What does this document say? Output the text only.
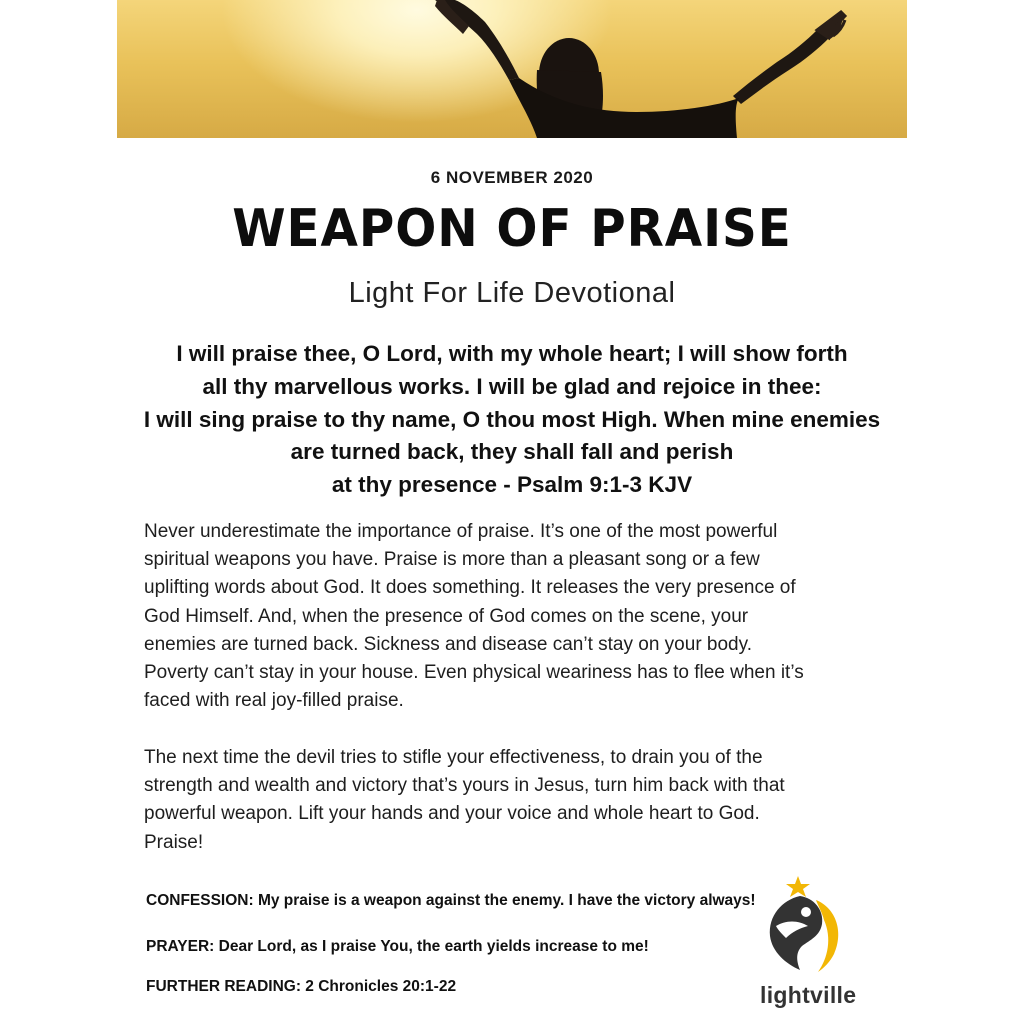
6 NOVEMBER 2020
WEAPON OF PRAISE
Light For Life Devotional
I will praise thee, O Lord, with my whole heart; I will show forth
all thy marvellous works. I will be glad and rejoice in thee:
I will sing praise to thy name, O thou most High. When mine enemies
are turned back, they shall fall and perish
at thy presence - Psalm 9:1-3 KJV
Never underestimate the importance of praise. It’s one of the most powerful
spiritual weapons you have. Praise is more than a pleasant song or a few
uplifting words about God. It does something. It releases the very presence of
God Himself. And, when the presence of God comes on the scene, your
enemies are turned back. Sickness and disease can’t stay on your body.
Poverty can’t stay in your house. Even physical weariness has to flee when it’s
faced with real joy-filled praise.
The next time the devil tries to stifle your effectiveness, to drain you of the
strength and wealth and victory that’s yours in Jesus, turn him back with that
powerful weapon. Lift your hands and your voice and whole heart to God.
Praise!
CONFESSION: My praise is a weapon against the enemy. I have the victory always!
PRAYER: Dear Lord, as I praise You, the earth yields increase to me!
FURTHER READING: 2 Chronicles 20:1-22	lightville
